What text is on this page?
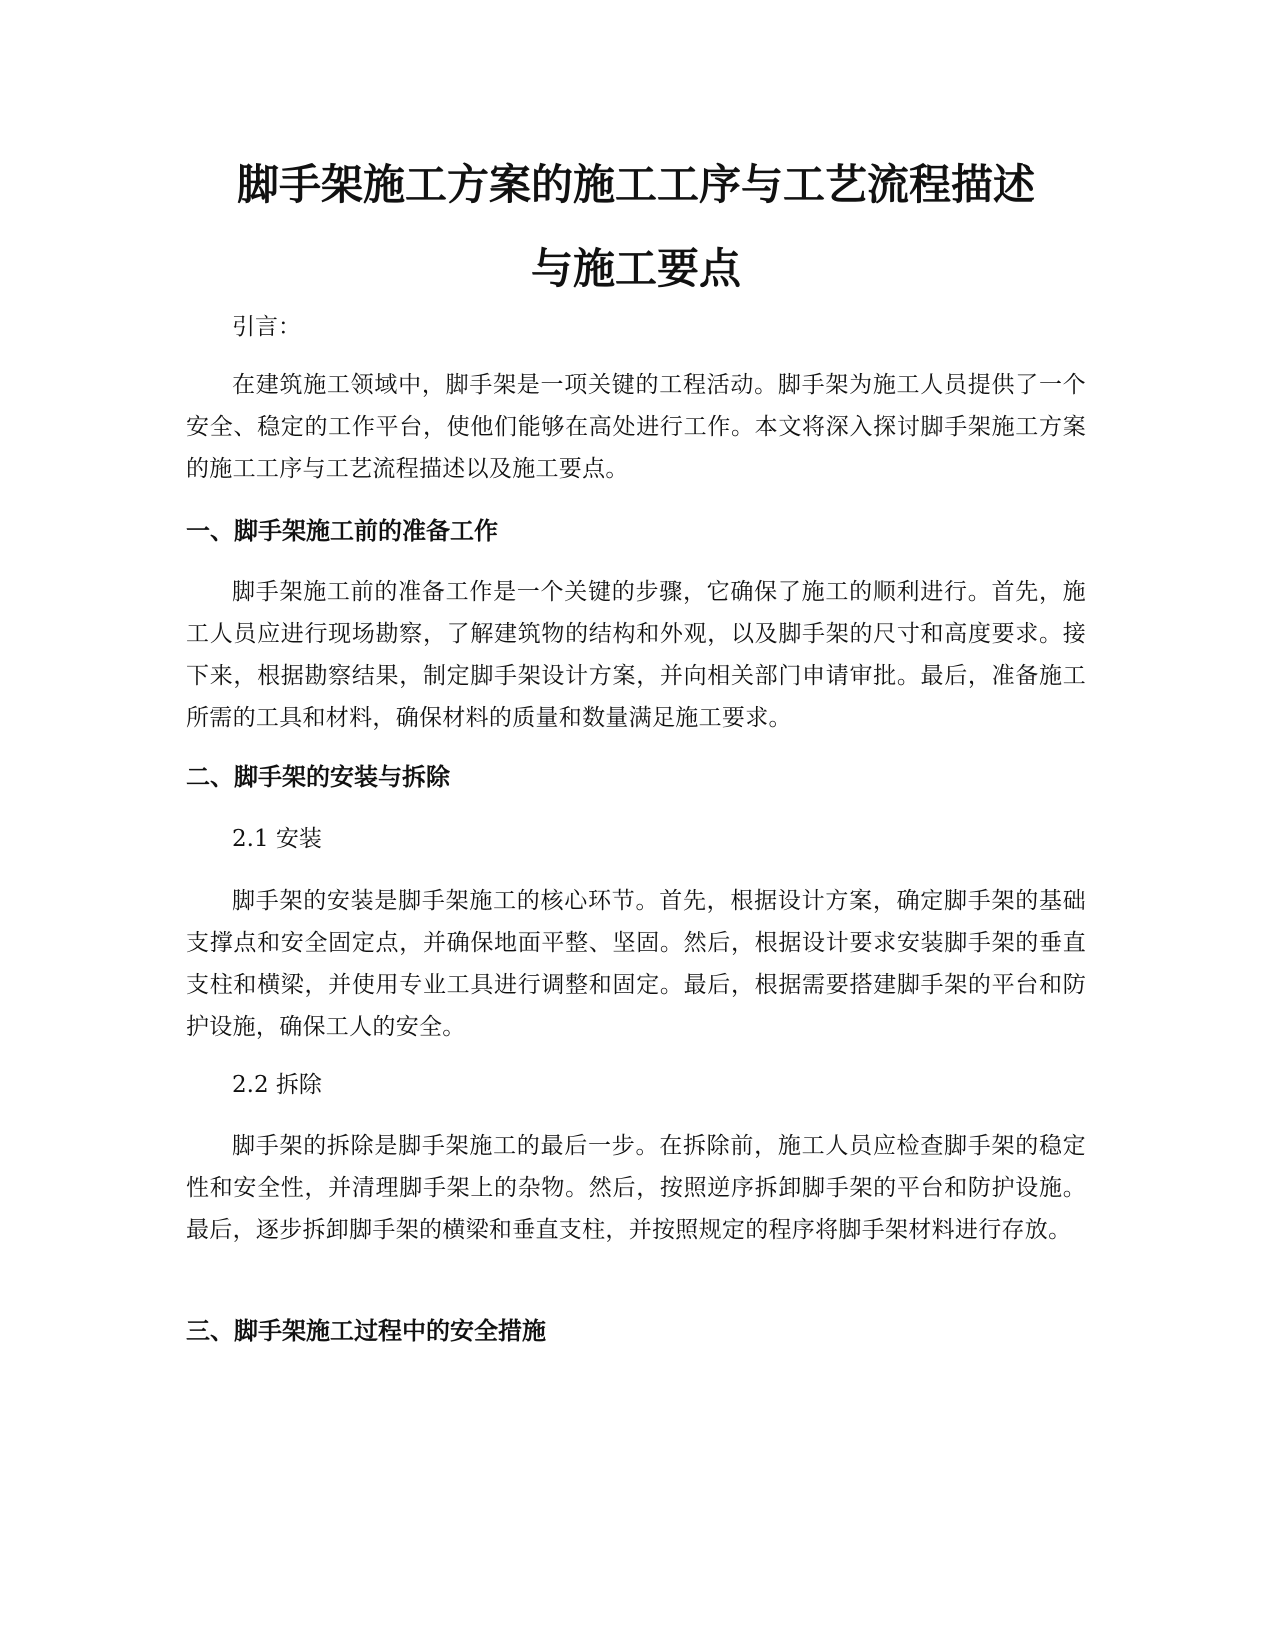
脚手架施工方案的施工工序与工艺流程描述
与施工要点

引言：

在建筑施工领域中，脚手架是一项关键的工程活动。脚手架为施工人员提供了一个安全、稳定的工作平台，使他们能够在高处进行工作。本文将深入探讨脚手架施工方案的施工工序与工艺流程描述以及施工要点。

一、脚手架施工前的准备工作

脚手架施工前的准备工作是一个关键的步骤，它确保了施工的顺利进行。首先，施工人员应进行现场勘察，了解建筑物的结构和外观，以及脚手架的尺寸和高度要求。接下来，根据勘察结果，制定脚手架设计方案，并向相关部门申请审批。最后，准备施工所需的工具和材料，确保材料的质量和数量满足施工要求。

二、脚手架的安装与拆除

2.1 安装

脚手架的安装是脚手架施工的核心环节。首先，根据设计方案，确定脚手架的基础支撑点和安全固定点，并确保地面平整、坚固。然后，根据设计要求安装脚手架的垂直支柱和横梁，并使用专业工具进行调整和固定。最后，根据需要搭建脚手架的平台和防护设施，确保工人的安全。

2.2 拆除

脚手架的拆除是脚手架施工的最后一步。在拆除前，施工人员应检查脚手架的稳定性和安全性，并清理脚手架上的杂物。然后，按照逆序拆卸脚手架的平台和防护设施。最后，逐步拆卸脚手架的横梁和垂直支柱，并按照规定的程序将脚手架材料进行存放。

三、脚手架施工过程中的安全措施
